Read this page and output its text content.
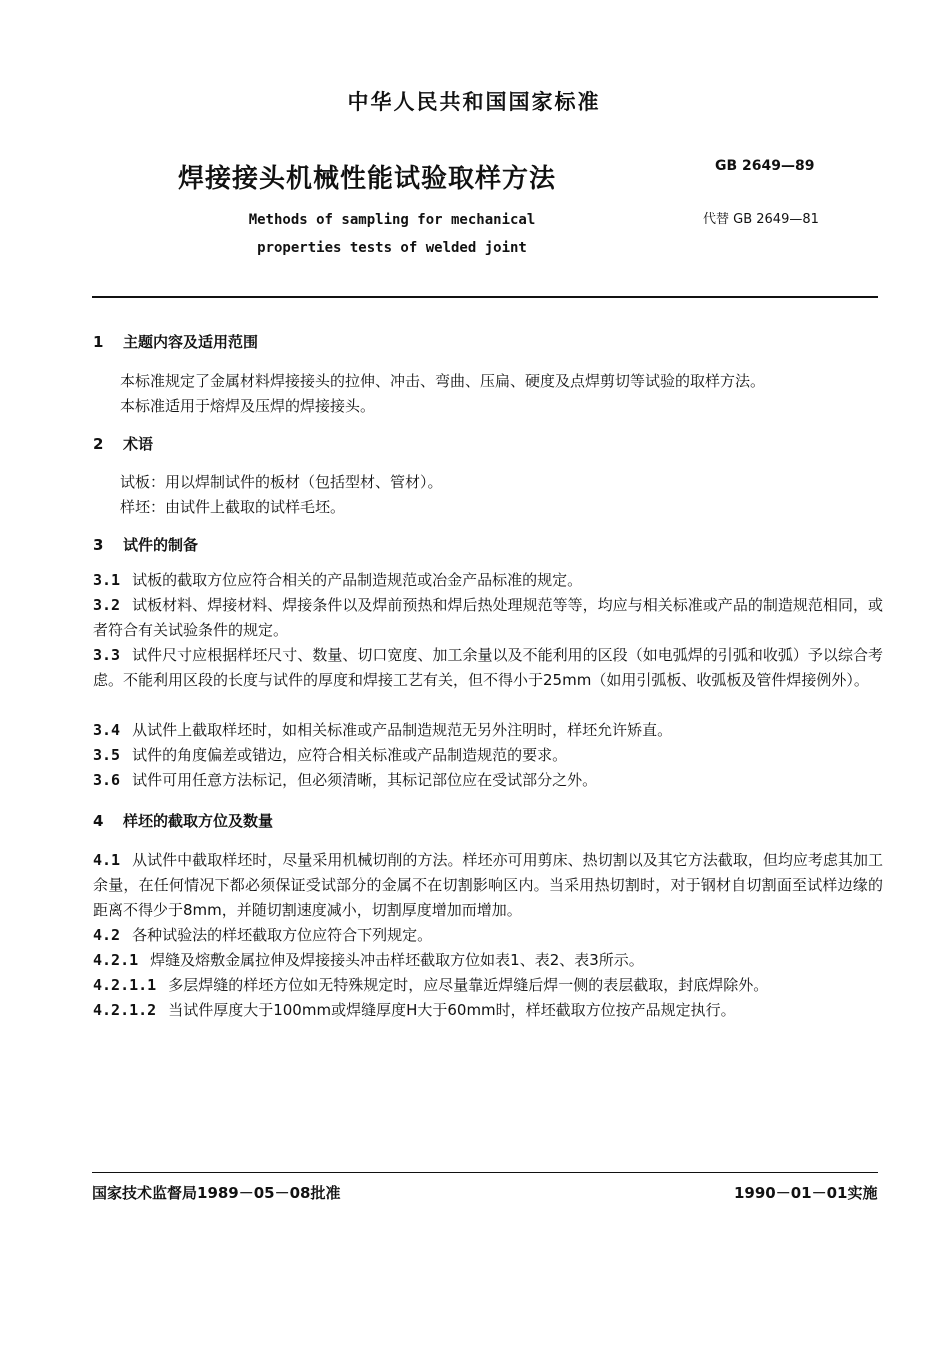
中华人民共和国国家标准
焊接接头机械性能试验取样方法	GB 2649—89
Methods of sampling for mechanical properties tests of welded joint
代替 GB 2649—81
1 主题内容及适用范围
本标准规定了金属材料焊接接头的拉伸、冲击、弯曲、压扁、硬度及点焊剪切等试验的取样方法。
本标准适用于熔焊及压焊的焊接接头。
2 术语
试板：用以焊制试件的板材（包括型材、管材）。
样坯：由试件上截取的试样毛坯。
3 试件的制备
3.1 试板的截取方位应符合相关的产品制造规范或冶金产品标准的规定。
3.2 试板材料、焊接材料、焊接条件以及焊前预热和焊后热处理规范等等，均应与相关标准或产品的制造规范相同，或者符合有关试验条件的规定。
3.3 试件尺寸应根据样坯尺寸、数量、切口宽度、加工余量以及不能利用的区段（如电弧焊的引弧和收弧）予以综合考虑。不能利用区段的长度与试件的厚度和焊接工艺有关，但不得小于25mm（如用引弧板、收弧板及管件焊接例外）。
3.4 从试件上截取样坯时，如相关标准或产品制造规范无另外注明时，样坯允许矫直。
3.5 试件的角度偏差或错边，应符合相关标准或产品制造规范的要求。
3.6 试件可用任意方法标记，但必须清晰，其标记部位应在受试部分之外。
4 样坯的截取方位及数量
4.1 从试件中截取样坯时，尽量采用机械切削的方法。样坯亦可用剪床、热切割以及其它方法截取，但均应考虑其加工余量，在任何情况下都必须保证受试部分的金属不在切割影响区内。当采用热切割时，对于钢材自切割面至试样边缘的距离不得少于8mm，并随切割速度减小，切割厚度增加而增加。
4.2 各种试验法的样坯截取方位应符合下列规定。
4.2.1 焊缝及熔敷金属拉伸及焊接接头冲击样坯截取方位如表1、表2、表3所示。
4.2.1.1 多层焊缝的样坯方位如无特殊规定时，应尽量靠近焊缝后焊一侧的表层截取，封底焊除外。
4.2.1.2 当试件厚度大于100mm或焊缝厚度H大于60mm时，样坯截取方位按产品规定执行。
国家技术监督局1989－05－08批准	1990－01－01实施
